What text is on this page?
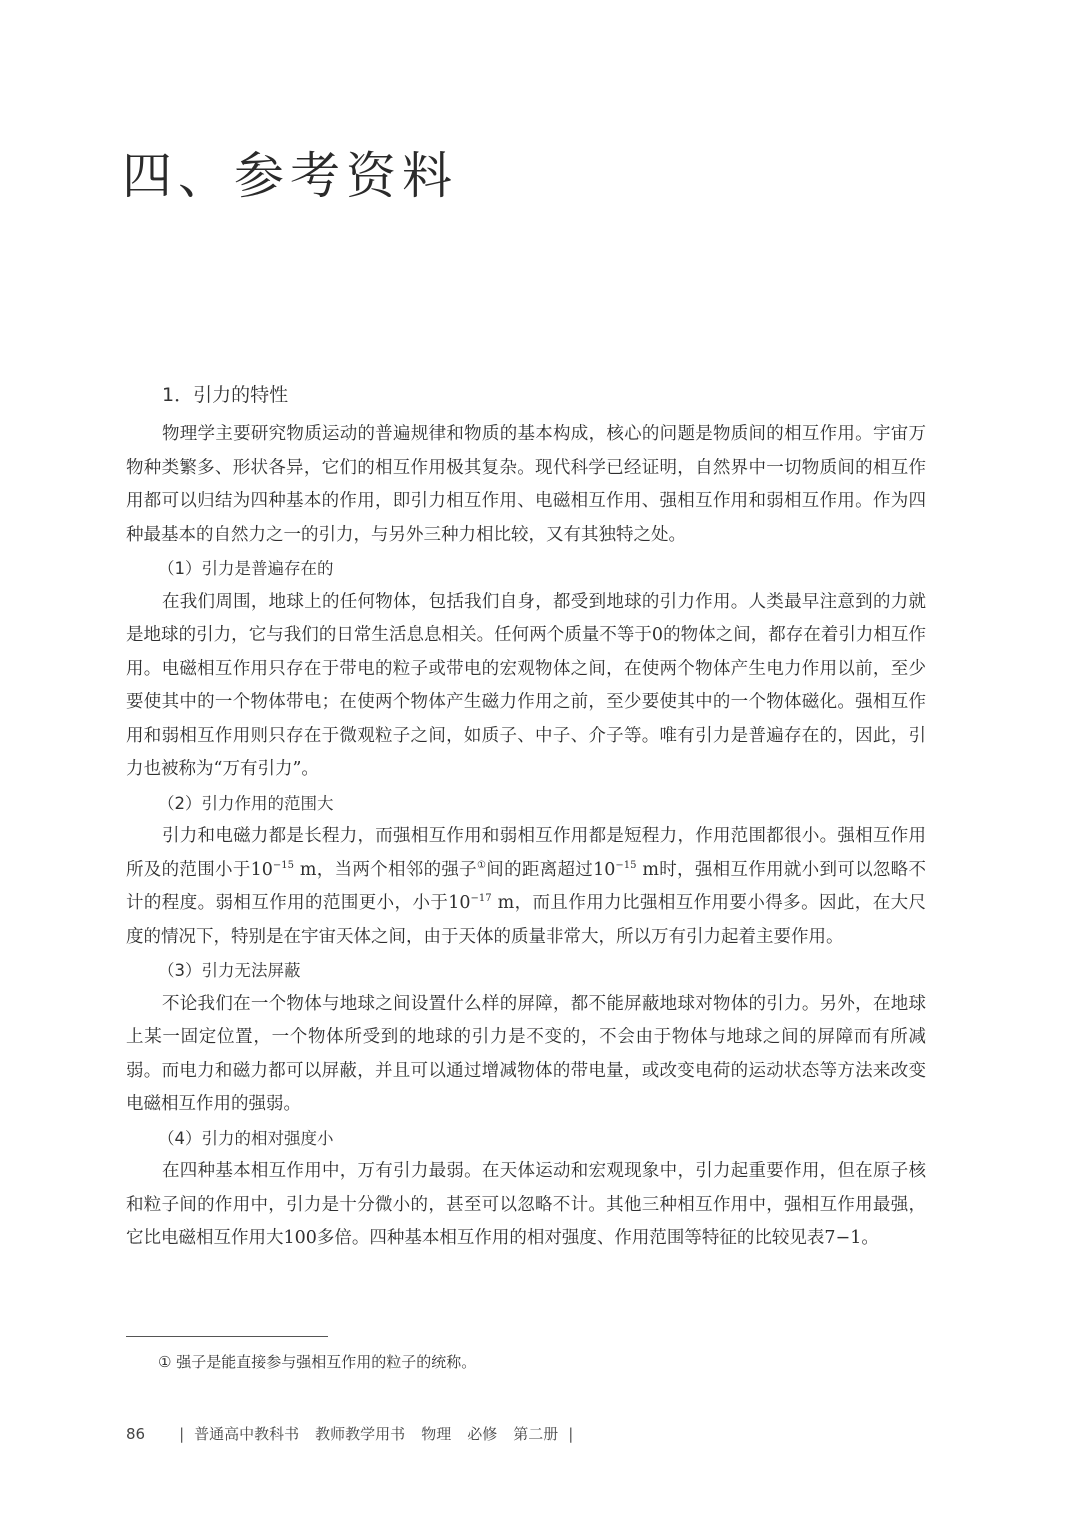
四、参考资料
1．引力的特性

物理学主要研究物质运动的普遍规律和物质的基本构成，核心的问题是物质间的相互作用。宇宙万物种类繁多、形状各异，它们的相互作用极其复杂。现代科学已经证明，自然界中一切物质间的相互作用都可以归结为四种基本的作用，即引力相互作用、电磁相互作用、强相互作用和弱相互作用。作为四种最基本的自然力之一的引力，与另外三种力相比较，又有其独特之处。

（1）引力是普遍存在的

在我们周围，地球上的任何物体，包括我们自身，都受到地球的引力作用。人类最早注意到的力就是地球的引力，它与我们的日常生活息息相关。任何两个质量不等于0的物体之间，都存在着引力相互作用。电磁相互作用只存在于带电的粒子或带电的宏观物体之间，在使两个物体产生电力作用以前，至少要使其中的一个物体带电；在使两个物体产生磁力作用之前，至少要使其中的一个物体磁化。强相互作用和弱相互作用则只存在于微观粒子之间，如质子、中子、介子等。唯有引力是普遍存在的，因此，引力也被称为“万有引力”。

（2）引力作用的范围大

引力和电磁力都是长程力，而强相互作用和弱相互作用都是短程力，作用范围都很小。强相互作用所及的范围小于$10^{-15}$ m，当两个相邻的强子①间的距离超过$10^{-15}$ m时，强相互作用就小到可以忽略不计的程度。弱相互作用的范围更小，小于$10^{-17}$ m，而且作用力比强相互作用要小得多。因此，在大尺度的情况下，特别是在宇宙天体之间，由于天体的质量非常大，所以万有引力起着主要作用。

（3）引力无法屏蔽

不论我们在一个物体与地球之间设置什么样的屏障，都不能屏蔽地球对物体的引力。另外，在地球上某一固定位置，一个物体所受到的地球的引力是不变的，不会由于物体与地球之间的屏障而有所减弱。而电力和磁力都可以屏蔽，并且可以通过增减物体的带电量，或改变电荷的运动状态等方法来改变电磁相互作用的强弱。

（4）引力的相对强度小

在四种基本相互作用中，万有引力最弱。在天体运动和宏观现象中，引力起重要作用，但在原子核和粒子间的作用中，引力是十分微小的，甚至可以忽略不计。其他三种相互作用中，强相互作用最强，它比电磁相互作用大100多倍。四种基本相互作用的相对强度、作用范围等特征的比较见表7−1。

① 强子是能直接参与强相互作用的粒子的统称。
86 | 普通高中教科书 教师教学用书 物理 必修 第二册 |
